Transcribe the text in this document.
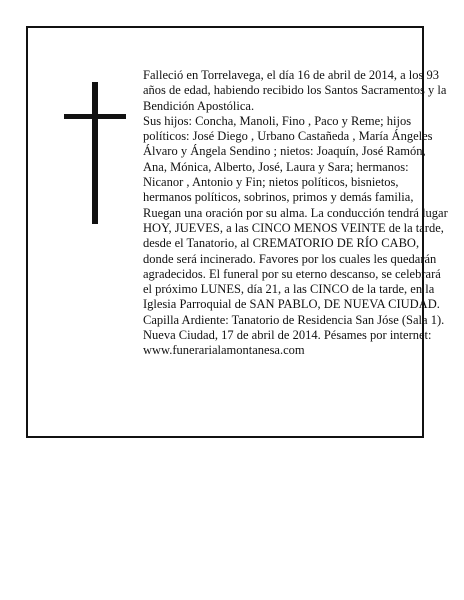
Falleció en Torrelavega, el día 16 de abril de 2014, a los 93 años de edad, habiendo recibido los Santos Sacramentos y la Bendición Apostólica.

Sus hijos: Concha, Manoli, Fino , Paco y Reme; hijos políticos: José Diego , Urbano Castañeda , María Ángeles Álvaro y Ángela Sendino ; nietos: Joaquín, José Ramón, Ana, Mónica, Alberto, José, Laura y Sara; hermanos: Nicanor , Antonio y Fin; nietos políticos, bisnietos, hermanos políticos, sobrinos, primos y demás familia,

Ruegan una oración por su alma. La conducción tendrá lugar HOY, JUEVES, a las CINCO MENOS VEINTE de la tarde, desde el Tanatorio, al CREMATORIO DE RÍO CABO, donde será incinerado. Favores por los cuales les quedarán agradecidos. El funeral por su eterno descanso, se celebrará el próximo LUNES, día 21, a las CINCO de la tarde, en la Iglesia Parroquial de SAN PABLO, DE NUEVA CIUDAD. Capilla Ardiente: Tanatorio de Residencia San Jóse (Sala 1).

Nueva Ciudad, 17 de abril de 2014. Pésames por internet: www.funerarialamontanesa.com
